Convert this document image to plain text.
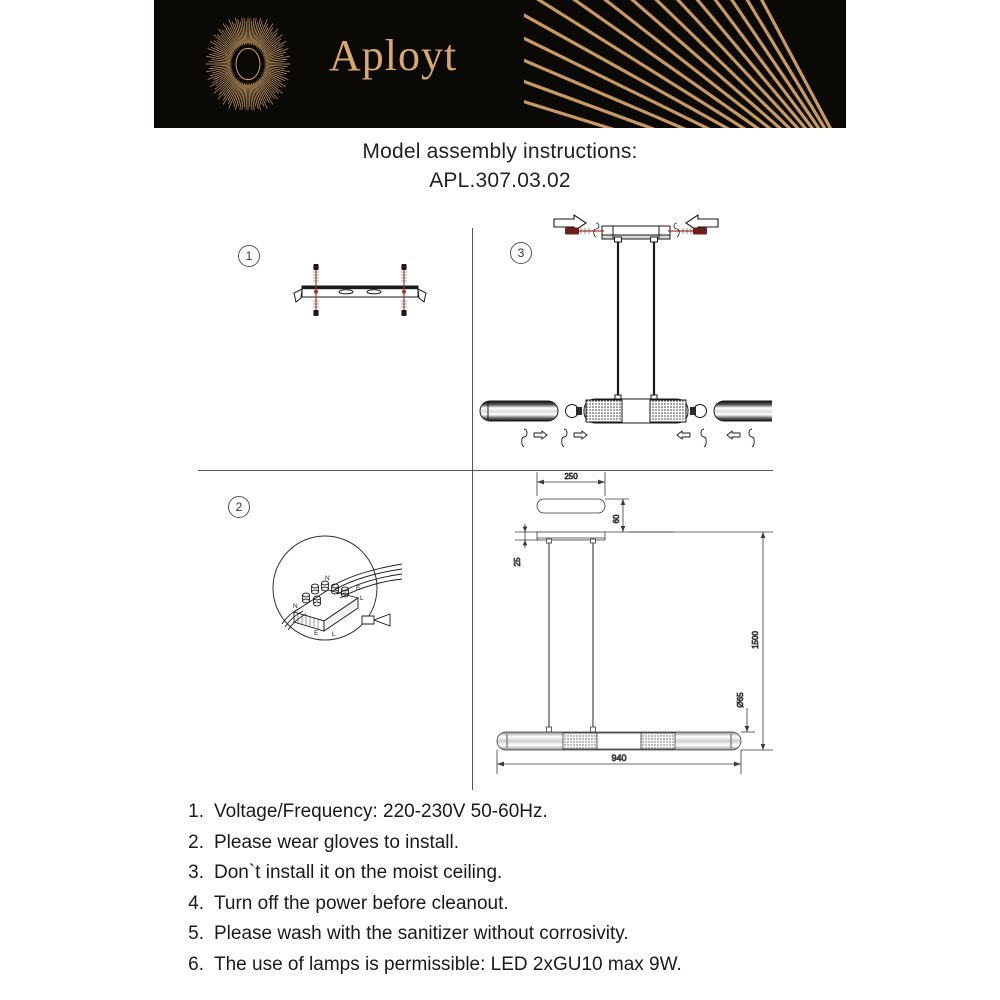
Aployt
Model assembly instructions:
APL.307.03.02
1
2
3
N
E
L
N
E L
250
60
25
1500
Ø65
940
1. Voltage/Frequency: 220-230V 50-60Hz.
2. Please wear gloves to install.
3. Don`t install it on the moist ceiling.
4. Turn off the power before cleanout.
5. Please wash with the sanitizer without corrosivity.
6. The use of lamps is permissible: LED 2xGU10 max 9W.
